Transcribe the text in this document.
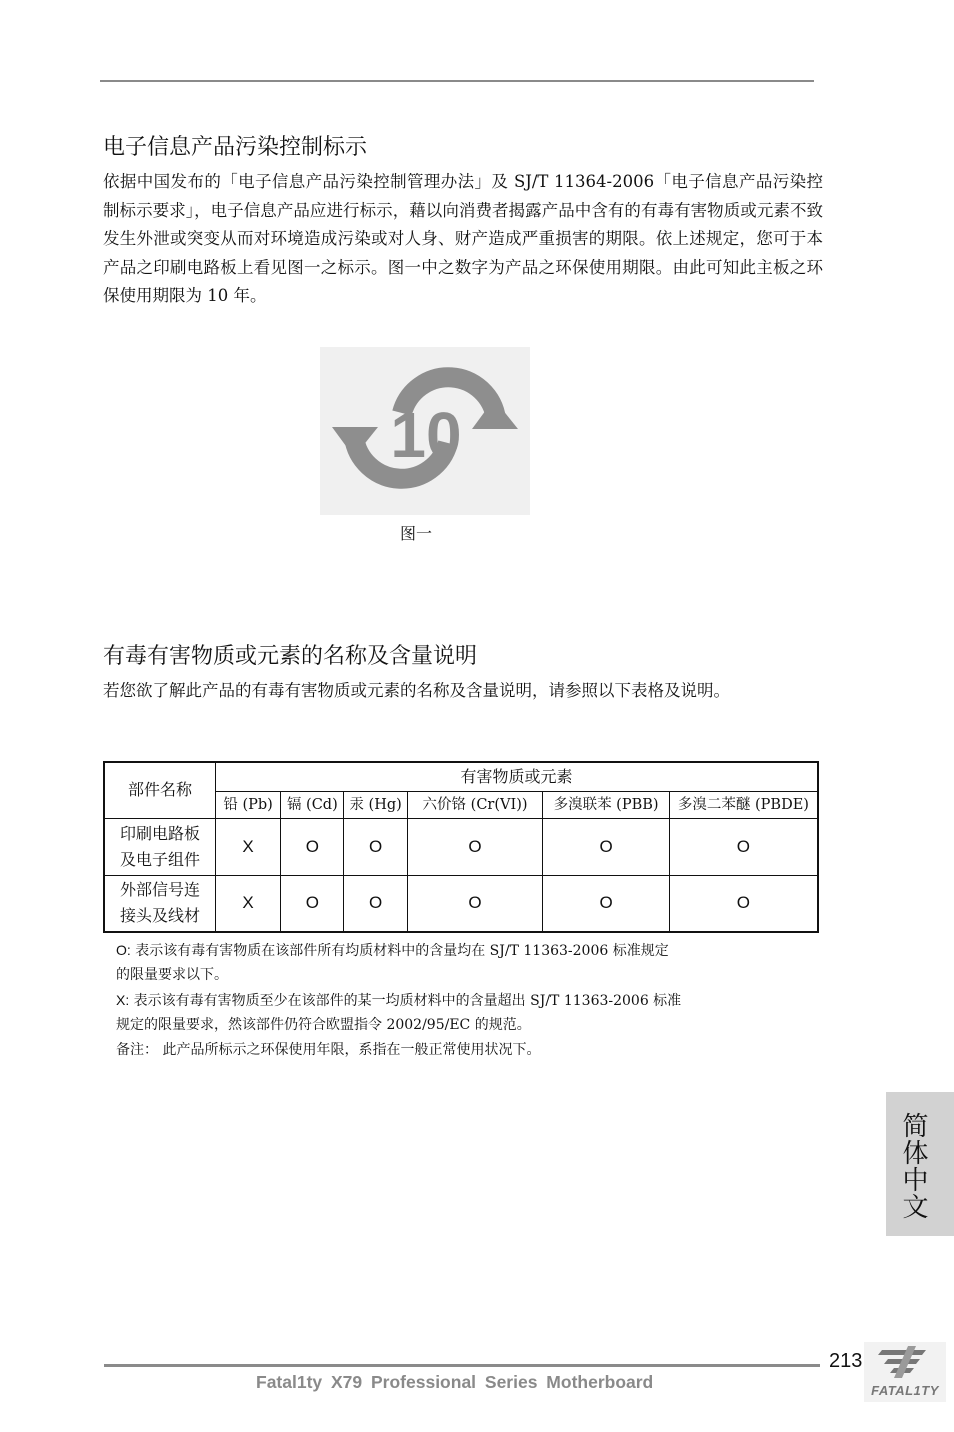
电子信息产品污染控制标示
依据中国发布的「电子信息产品污染控制管理办法」及 SJ/T 11364-2006「电子信息产品污染控制标示要求」，电子信息产品应进行标示，藉以向消费者揭露产品中含有的有毒有害物质或元素不致发生外泄或突变从而对环境造成污染或对人身、财产造成严重损害的期限。依上述规定，您可于本产品之印刷电路板上看见图一之标示。图一中之数字为产品之环保使用期限。由此可知此主板之环保使用期限为 10 年。
10
图一
有毒有害物质或元素的名称及含量说明
若您欲了解此产品的有毒有害物质或元素的名称及含量说明，请参照以下表格及说明。
部件名称	有害物质或元素					
	铅 (Pb)	镉 (Cd)	汞 (Hg)	六价铬 (Cr(VI))	多溴联苯 (PBB)	多溴二苯醚 (PBDE)

印刷电路板
及电子组件	X	O	O	O	O	O

外部信号连
接头及线材	X	O	O	O	O	O
O: 表示该有毒有害物质在该部件所有均质材料中的含量均在 SJ/T 11363-2006 标准规定
的限量要求以下。
X: 表示该有毒有害物质至少在该部件的某一均质材料中的含量超出 SJ/T 11363-2006 标准
规定的限量要求，然该部件仍符合欧盟指令 2002/95/EC 的规范。
备注： 此产品所标示之环保使用年限，系指在一般正常使用状况下。
简体中文
213
Fatal1ty X79 Professional Series Motherboard	FATAL1TY
